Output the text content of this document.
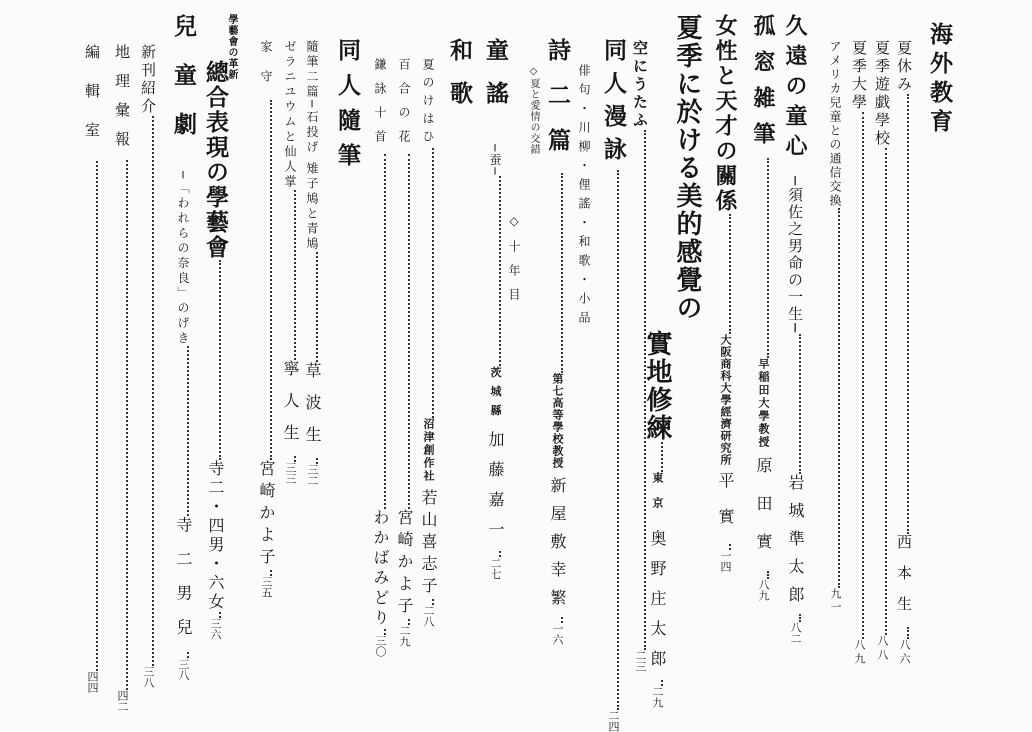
海外教育
夏休み西本生八六
夏季遊戯學校八八
夏季大學八九
アメリカ兒童との通信交換九一
久遠の童心─須佐之男命の一生─岩城準太郎八二
孤窓雑筆早稲田大學教授原田實八九
女性と天才の關係大阪商科大學經濟研究所平實一四
夏季に於ける美的感覺の
實地修練東京奥野庄太郎二九
空にうたふ二三
同人漫詠二四
俳句・川柳・俚謠・和歌・小品
詩二篇第七高等學校教授新屋敷幸繁一六
◇夏と愛情の交錯
◇十年目
童謠─蚕─茨城縣加藤嘉一二七
和歌
夏のけはひ沼津創作社若山喜志子二八
百合の花宮崎かよ子二九
鎌詠十首わかばみどり三〇
同人隨筆
隨筆二篇─石投げ 雉子鳩と青鳩草波生三二
ゼラニユウムと仙人掌寧人生三三
家守宮崎かよ子三五
學藝會の革新
總合表現の學藝會寺二・四男・六女三六
兒童劇─「われらの奈良」のげき寺二男兒三八
新刊紹介三八
地理彙報四二
編輯室四四
